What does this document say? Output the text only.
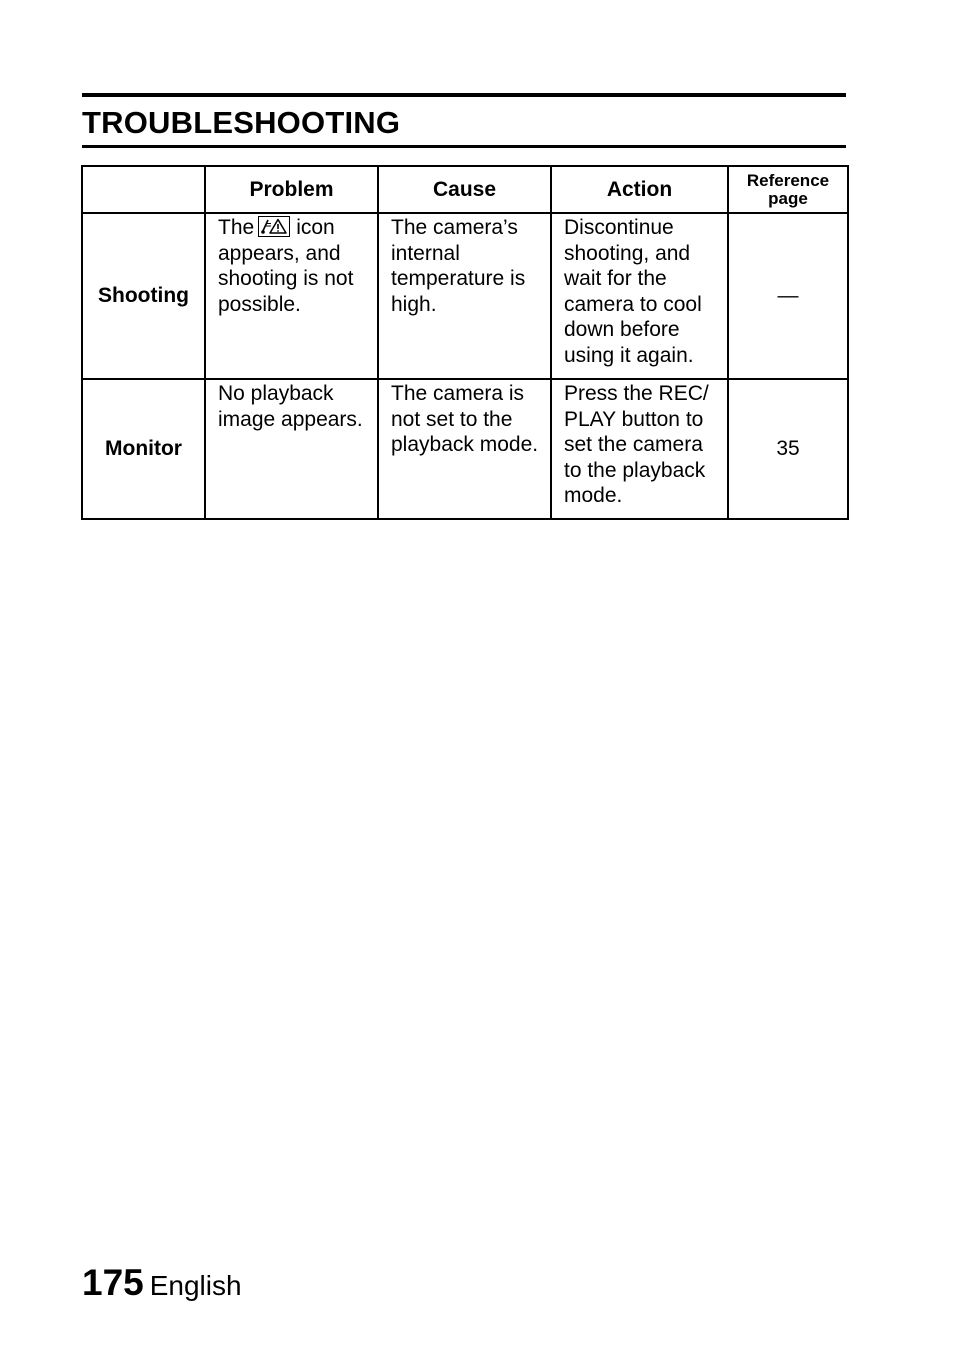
TROUBLESHOOTING
	Problem	Cause	Action	Reference page
Shooting	The icon appears, and shooting is not possible.	The camera’s internal temperature is high.	Discontinue shooting, and wait for the camera to cool down before using it again.	—
Monitor	No playback image appears.	The camera is not set to the playback mode.	Press the REC/ PLAY button to set the camera to the playback mode.	35
175 English
